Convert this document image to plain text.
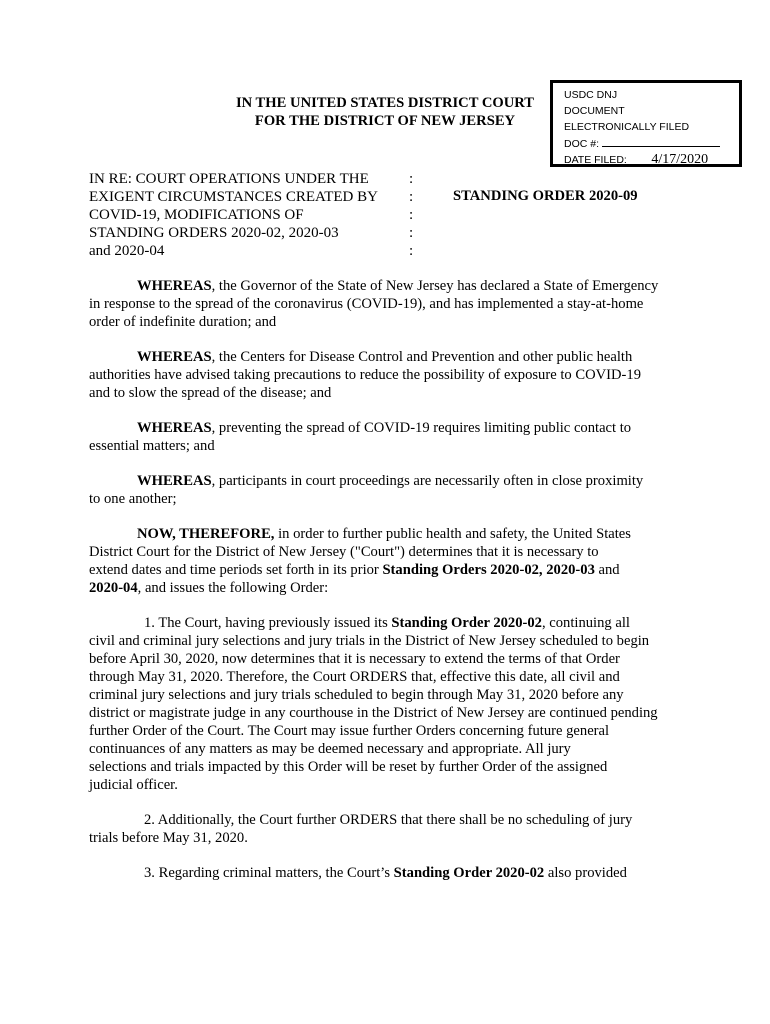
USDC DNJ
DOCUMENT
ELECTRONICALLY FILED
DOC #:
DATE FILED: 4/17/2020
IN THE UNITED STATES DISTRICT COURT
FOR THE DISTRICT OF NEW JERSEY
IN RE: COURT OPERATIONS UNDER THE	:
EXIGENT CIRCUMSTANCES CREATED BY	:
COVID-19, MODIFICATIONS OF	:
STANDING ORDERS 2020-02, 2020-03	:
and 2020-04	:
STANDING ORDER 2020-09

WHEREAS, the Governor of the State of New Jersey has declared a State of Emergency
in response to the spread of the coronavirus (COVID-19), and has implemented a stay-at-home
order of indefinite duration; and

WHEREAS, the Centers for Disease Control and Prevention and other public health
authorities have advised taking precautions to reduce the possibility of exposure to COVID-19
and to slow the spread of the disease; and

WHEREAS, preventing the spread of COVID-19 requires limiting public contact to
essential matters; and

WHEREAS, participants in court proceedings are necessarily often in close proximity
to one another;

NOW, THEREFORE, in order to further public health and safety, the United States
District Court for the District of New Jersey ("Court") determines that it is necessary to
extend dates and time periods set forth in its prior Standing Orders 2020-02, 2020-03 and
2020-04, and issues the following Order:

1. The Court, having previously issued its Standing Order 2020-02, continuing all
civil and criminal jury selections and jury trials in the District of New Jersey scheduled to begin
before April 30, 2020, now determines that it is necessary to extend the terms of that Order
through May 31, 2020. Therefore, the Court ORDERS that, effective this date, all civil and
criminal jury selections and jury trials scheduled to begin through May 31, 2020 before any
district or magistrate judge in any courthouse in the District of New Jersey are continued pending
further Order of the Court. The Court may issue further Orders concerning future general
continuances of any matters as may be deemed necessary and appropriate. All jury
selections and trials impacted by this Order will be reset by further Order of the assigned
judicial officer.

2. Additionally, the Court further ORDERS that there shall be no scheduling of jury
trials before May 31, 2020.

3. Regarding criminal matters, the Court’s Standing Order 2020-02 also provided
